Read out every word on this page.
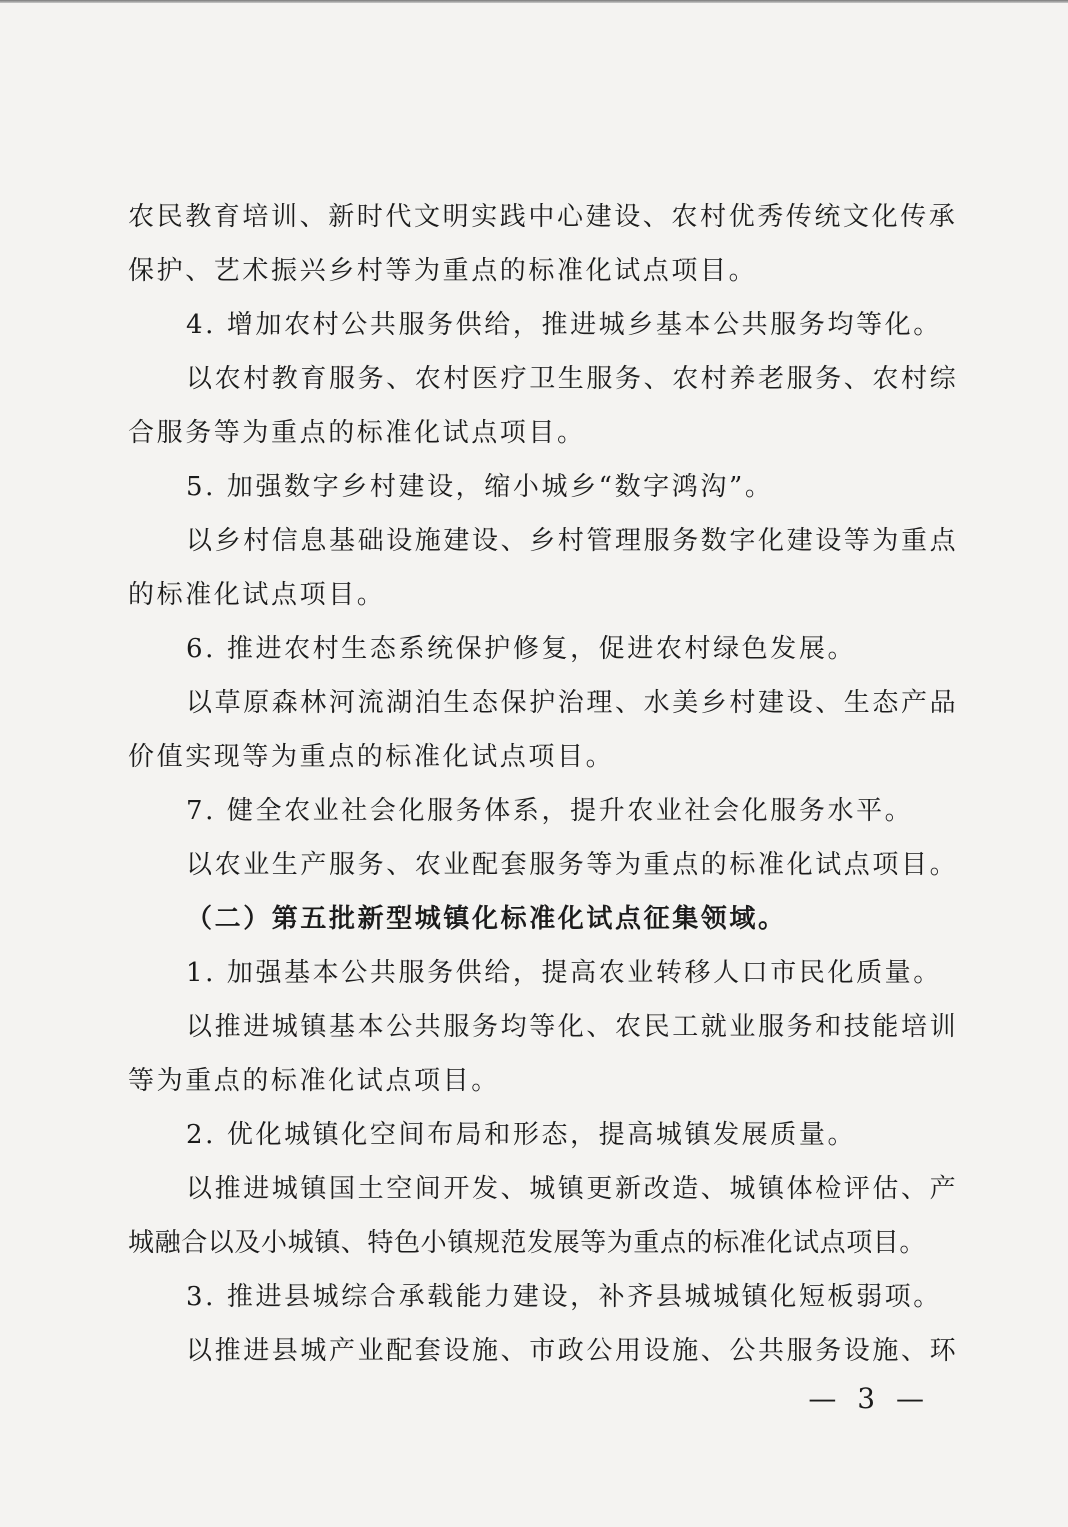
农民教育培训、新时代文明实践中心建设、农村优秀传统文化传承
保护、艺术振兴乡村等为重点的标准化试点项目。
4. 增加农村公共服务供给，推进城乡基本公共服务均等化。
以农村教育服务、农村医疗卫生服务、农村养老服务、农村综
合服务等为重点的标准化试点项目。
5. 加强数字乡村建设，缩小城乡“数字鸿沟”。
以乡村信息基础设施建设、乡村管理服务数字化建设等为重点
的标准化试点项目。
6. 推进农村生态系统保护修复，促进农村绿色发展。
以草原森林河流湖泊生态保护治理、水美乡村建设、生态产品
价值实现等为重点的标准化试点项目。
7. 健全农业社会化服务体系，提升农业社会化服务水平。
以农业生产服务、农业配套服务等为重点的标准化试点项目。
（二）第五批新型城镇化标准化试点征集领域。
1. 加强基本公共服务供给，提高农业转移人口市民化质量。
以推进城镇基本公共服务均等化、农民工就业服务和技能培训
等为重点的标准化试点项目。
2. 优化城镇化空间布局和形态，提高城镇发展质量。
以推进城镇国土空间开发、城镇更新改造、城镇体检评估、产
城融合以及小城镇、特色小镇规范发展等为重点的标准化试点项目。
3. 推进县城综合承载能力建设，补齐县城城镇化短板弱项。
以推进县城产业配套设施、市政公用设施、公共服务设施、环
— 3 —
